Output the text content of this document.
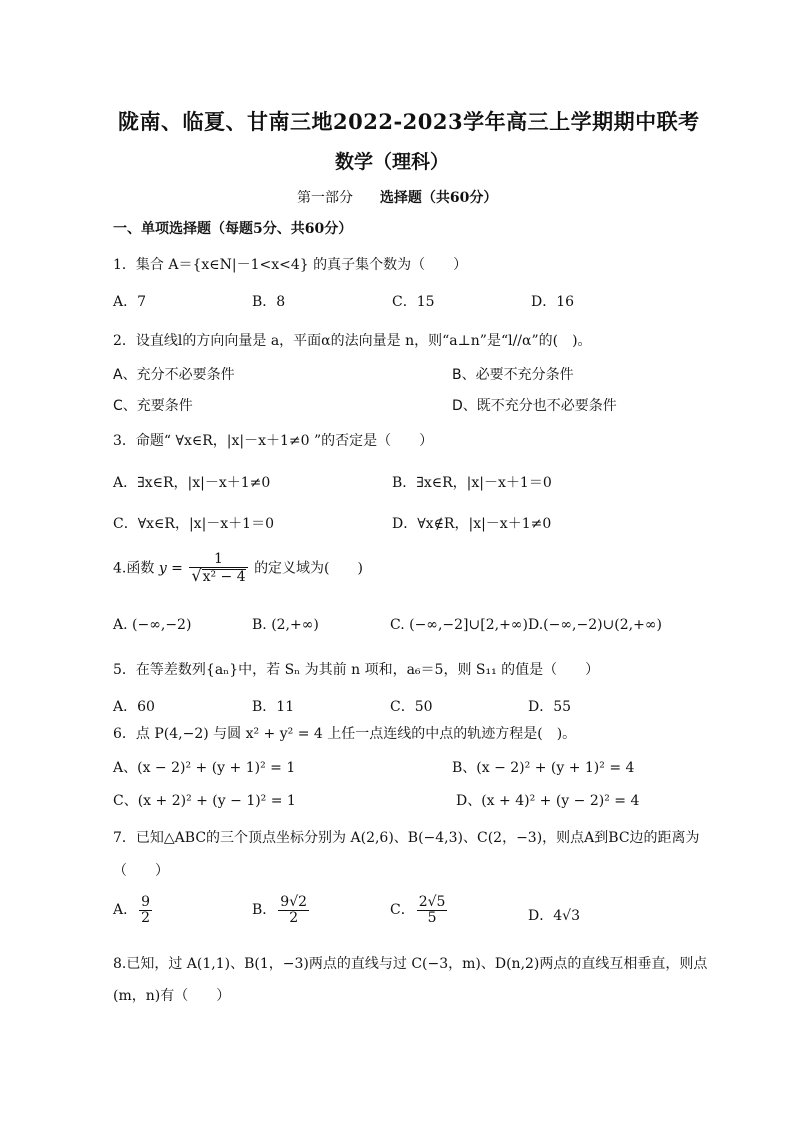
陇南、临夏、甘南三地2022-2023学年高三上学期期中联考
数学（理科）
第一部分 选择题（共60分）
一、单项选择题（每题5分、共60分）
1．集合 A＝{x∈N|－1<x<4} 的真子集个数为（　　）
A．7	B．8	C．15	D．16
2．设直线l的方向向量是 a，平面α的法向量是 n，则“a⊥n”是“l//α”的(　)。
A、充分不必要条件	B、必要不充分条件
C、充要条件	D、既不充分也不必要条件
3．命题“ ∀x∈R，|x|－x＋1≠0 ”的否定是（　　）
A．∃x∈R，|x|－x＋1≠0	B．∃x∈R，|x|－x＋1＝0
C．∀x∈R，|x|－x＋1＝0	D．∀x∉R，|x|－x＋1≠0
4.函数 $y = \frac{1}{\text{√x² − 4}}$ 的定义域为(　　)
A. (−∞,−2)	B. (2,+∞)	C. (−∞,−2]∪[2,+∞) D.(−∞,−2)∪(2,+∞)
5．在等差数列{aₙ}中，若 Sₙ 为其前 n 项和，a₆＝5，则 S₁₁ 的值是（　　）
A．60	B．11	C．50	D．55
6．点 P(4,−2) 与圆 x² + y² = 4 上任一点连线的中点的轨迹方程是(　)。
A、(x − 2)² + (y + 1)² = 1	B、(x − 2)² + (y + 1)² = 4
C、(x + 2)² + (y − 1)² = 1	D、(x + 4)² + (y − 2)² = 4
7．已知△ABC的三个顶点坐标分别为 A(2,6)、B(−4,3)、C(2，−3)，则点A到BC边的距离为
（　　）
A． $\frac{9}{2}$	B． $\frac{9√2}{2}$	C． $\frac{2√5}{5}$	D．4√3
8.已知，过 A(1,1)、B(1，−3)两点的直线与过 C(−3，m)、D(n,2)两点的直线互相垂直，则点
(m，n)有（　　）
